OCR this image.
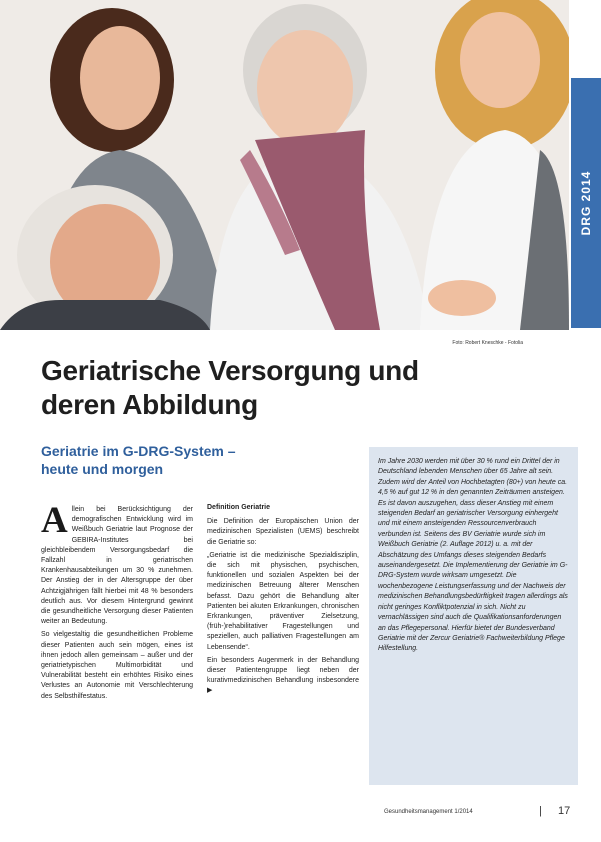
DRG 2014
Foto: Robert Kneschke - Fotolia
Geriatrische Versorgung und
deren Abbildung
Geriatrie im G-DRG-System –
heute und morgen

Allein bei Berücksichtigung der demografischen Entwicklung wird im Weißbuch Geriatrie laut Prognose der GEBIRA-Institutes bei gleichbleibendem Versorgungsbedarf die Fallzahl in geriatrischen Krankenhausabteilungen um 30 % zunehmen. Der Anstieg der in der Altersgruppe der über Achtzigjährigen fällt hierbei mit 48 % besonders deutlich aus. Vor diesem Hintergrund gewinnt die gesundheitliche Versorgung dieser Patienten weiter an Bedeutung.

So vielgestaltig die gesundheitlichen Probleme dieser Patienten auch sein mögen, eines ist ihnen jedoch allen gemeinsam – außer und der geriatrietypischen Multimorbidität und Vulnerabilität besteht ein erhöhtes Risiko eines Verlustes an Autonomie mit Verschlechterung des Selbsthilfestatus.

Definition Geriatrie

Die Definition der Europäischen Union der medizinischen Spezialisten (UEMS) beschreibt die Geriatrie so:

„Geriatrie ist die medizinische Spezialdisziplin, die sich mit physischen, psychischen, funktionellen und sozialen Aspekten bei der medizinischen Betreuung älterer Menschen befasst. Dazu gehört die Behandlung alter Patienten bei akuten Erkrankungen, chronischen Erkrankungen, präventiver Zielsetzung, (früh-)rehabilitativer Fragestellungen und speziellen, auch palliativen Fragestellungen am Lebensende“.

Ein besonders Augenmerk in der Behandlung dieser Patientengruppe liegt neben der kurativmedizinischen Behandlung insbesondere ▶

Im Jahre 2030 werden mit über 30 % rund ein Drittel der in Deutschland lebenden Menschen über 65 Jahre alt sein. Zudem wird der Anteil von Hochbetagten (80+) von heute ca. 4,5 % auf gut 12 % in den genannten Zeiträumen ansteigen. Es ist davon auszugehen, dass dieser Anstieg mit einem steigenden Bedarf an geriatrischer Versorgung einhergeht und mit einem ansteigenden Ressourcenverbrauch verbunden ist. Seitens des BV Geriatrie wurde sich im Weißbuch Geriatrie (2. Auflage 2012) u. a. mit der Abschätzung des Umfangs dieses steigenden Bedarfs auseinandergesetzt. Die Implementierung der Geriatrie im G-DRG-System wurde wirksam umgesetzt. Die wochenbezogene Leistungserfassung und der Nachweis der medizinischen Behandlungsbedürftigkeit tragen allerdings als nicht geringes Konfliktpotenzial in sich. Nicht zu vernachlässigen sind auch die Qualifikationsanforderungen an das Pflegepersonal. Hierfür bietet der Bundesverband Geriatrie mit der Zercur Geriatrie® Fachweiterbildung Pflege Hilfestellung.

Gesundheitsmanagement 1/2014	| 17
